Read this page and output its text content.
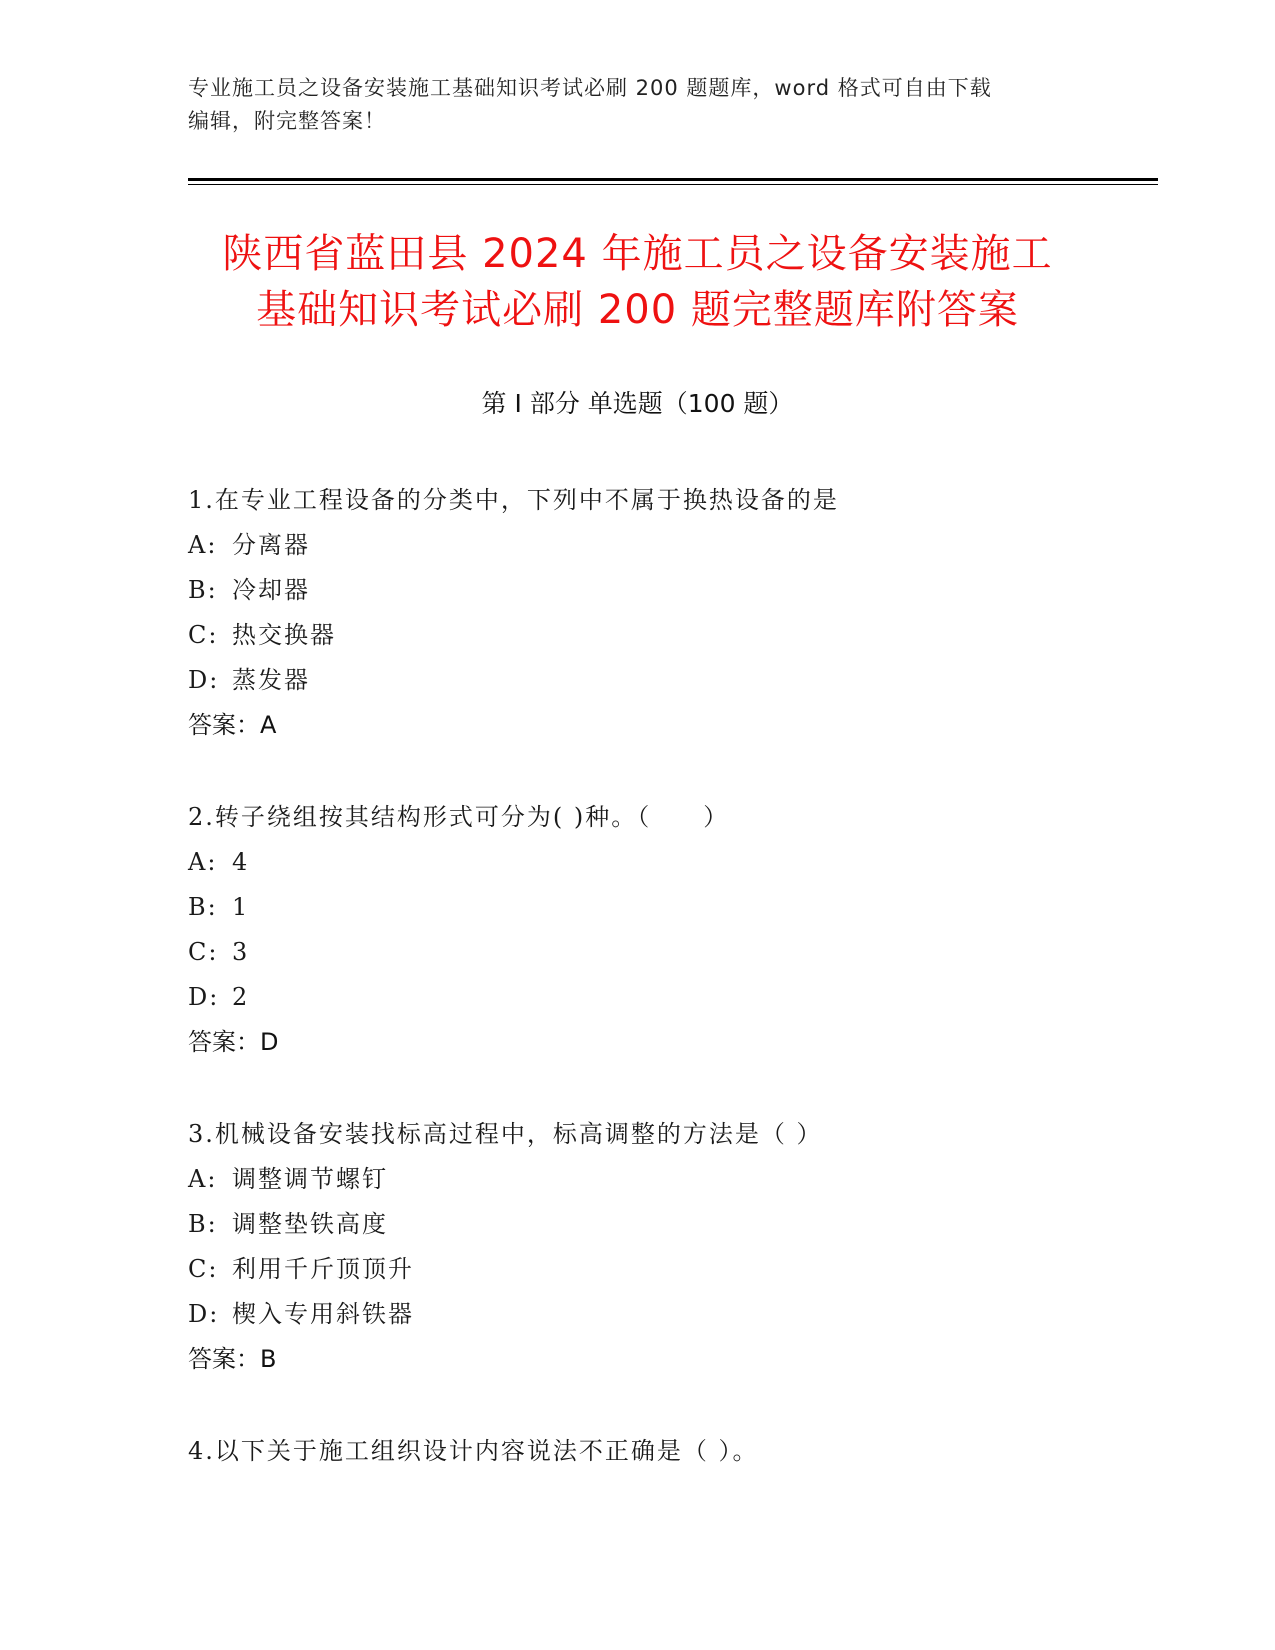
专业施工员之设备安装施工基础知识考试必刷 200 题题库，word 格式可自由下载
编辑，附完整答案！
陕西省蓝田县 2024 年施工员之设备安装施工
基础知识考试必刷 200 题完整题库附答案
第 I 部分 单选题（100 题）
1.在专业工程设备的分类中，下列中不属于换热设备的是
A: 分离器
B: 冷却器
C: 热交换器
D: 蒸发器
答案：A
2.转子绕组按其结构形式可分为( )种。（　　）
A: 4
B: 1
C: 3
D: 2
答案：D
3.机械设备安装找标高过程中，标高调整的方法是（ ）
A: 调整调节螺钉
B: 调整垫铁高度
C: 利用千斤顶顶升
D: 楔入专用斜铁器
答案：B
4.以下关于施工组织设计内容说法不正确是（ ）。
